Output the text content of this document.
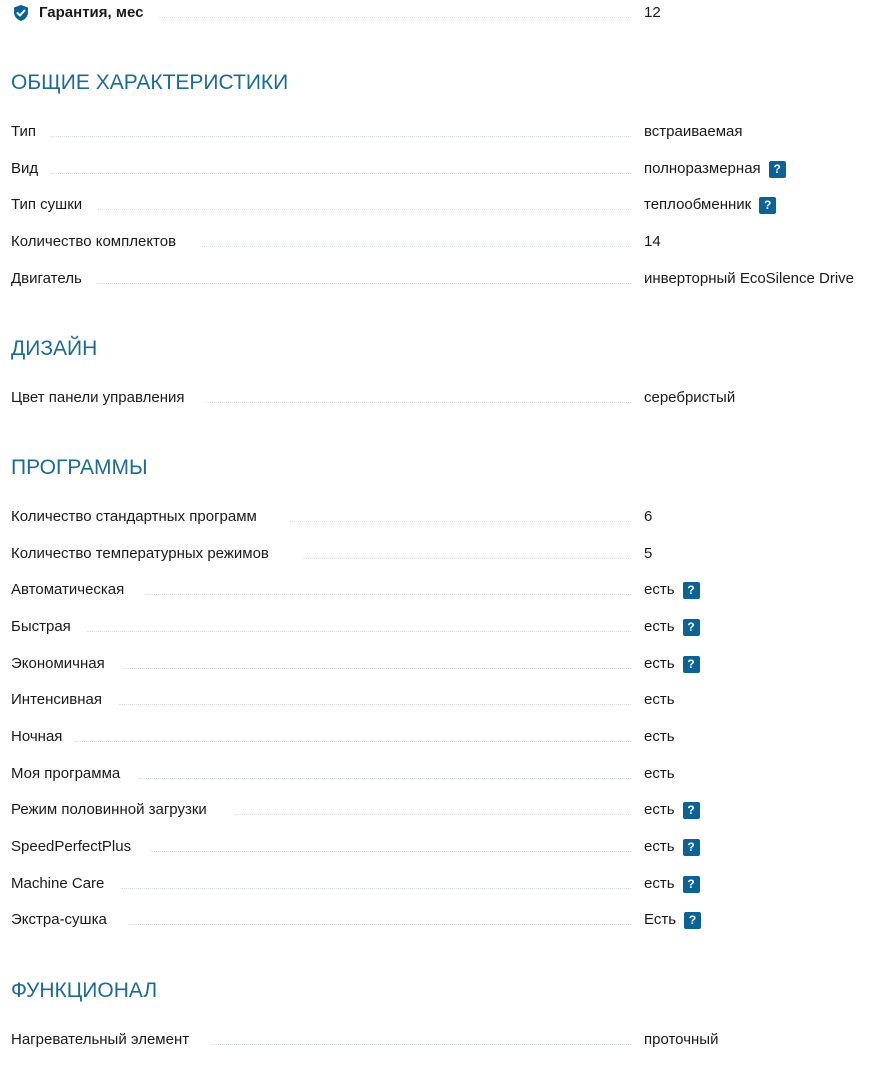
Гарантия, мес	12
ОБЩИЕ ХАРАКТЕРИСТИКИ
Тип	встраиваемая
Вид	полноразмерная	?
Тип сушки	теплообменник	?
Количество комплектов	14
Двигатель	инверторный EcoSilence Drive
ДИЗАЙН
Цвет панели управления	серебристый
ПРОГРАММЫ
Количество стандартных программ	6
Количество температурных режимов	5
Автоматическая	есть	?
Быстрая	есть	?
Экономичная	есть	?
Интенсивная	есть
Ночная	есть
Моя программа	есть
Режим половинной загрузки	есть	?
SpeedPerfectPlus	есть	?
Machine Care	есть	?
Экстра-сушка	Есть	?
ФУНКЦИОНАЛ
Нагревательный элемент	проточный
